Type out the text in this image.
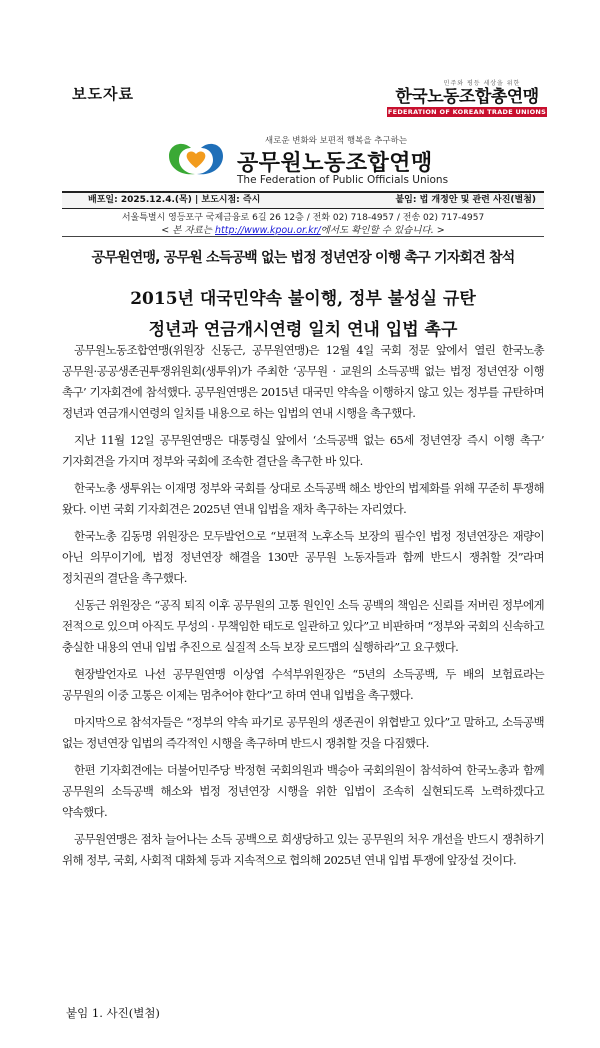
보도자료
민주와 평등 세상을 위한
한국노동조합총연맹
FEDERATION OF KOREAN TRADE UNIONS
새로운 변화와 보편적 행복을 추구하는
공무원노동조합연맹
The Federation of Public Officials Unions
배포일: 2025.12.4.(목) | 보도시점: 즉시	붙임: 법 개정안 및 관련 사진(별첨)
서울특별시 영등포구 국제금융로 6길 26 12층 / 전화 02) 718-4957 / 전송 02) 717-4957
< 본 자료는 http://www.kpou.or.kr/에서도 확인할 수 있습니다. >
공무원연맹, 공무원 소득공백 없는 법정 정년연장 이행 촉구 기자회견 참석
2015년 대국민약속 불이행, 정부 불성실 규탄
정년과 연금개시연령 일치 연내 입법 촉구

공무원노동조합연맹(위원장 신동근, 공무원연맹)은 12월 4일 국회 정문 앞에서 열린 한국노총 공무원·공공생존권투쟁위원회(생투위)가 주최한 ‘공무원 · 교원의 소득공백 없는 법정 정년연장 이행 촉구’ 기자회견에 참석했다. 공무원연맹은 2015년 대국민 약속을 이행하지 않고 있는 정부를 규탄하며 정년과 연금개시연령의 일치를 내용으로 하는 입법의 연내 시행을 촉구했다.

지난 11월 12일 공무원연맹은 대통령실 앞에서 ‘소득공백 없는 65세 정년연장 즉시 이행 촉구’ 기자회견을 가지며 정부와 국회에 조속한 결단을 촉구한 바 있다.

한국노총 생투위는 이재명 정부와 국회를 상대로 소득공백 해소 방안의 법제화를 위해 꾸준히 투쟁해 왔다. 이번 국회 기자회견은 2025년 연내 입법을 재차 촉구하는 자리였다.

한국노총 김동명 위원장은 모두발언으로 “보편적 노후소득 보장의 필수인 법정 정년연장은 재량이 아닌 의무이기에, 법정 정년연장 해결을 130만 공무원 노동자들과 함께 반드시 쟁취할 것”라며 정치권의 결단을 촉구했다.

신동근 위원장은 “공직 퇴직 이후 공무원의 고통 원인인 소득 공백의 책임은 신뢰를 저버린 정부에게 전적으로 있으며 아직도 무성의 · 무책임한 태도로 일관하고 있다”고 비판하며 “정부와 국회의 신속하고 충실한 내용의 연내 입법 추진으로 실질적 소득 보장 로드맵의 실행하라”고 요구했다.

현장발언자로 나선 공무원연맹 이상엽 수석부위원장은 “5년의 소득공백, 두 배의 보험료라는 공무원의 이중 고통은 이제는 멈추어야 한다”고 하며 연내 입법을 촉구했다.

마지막으로 참석자들은 “정부의 약속 파기로 공무원의 생존권이 위협받고 있다”고 말하고, 소득공백 없는 정년연장 입법의 즉각적인 시행을 촉구하며 반드시 쟁취할 것을 다짐했다.

한편 기자회견에는 더불어민주당 박정현 국회의원과 백승아 국회의원이 참석하여 한국노총과 함께 공무원의 소득공백 해소와 법정 정년연장 시행을 위한 입법이 조속히 실현되도록 노력하겠다고 약속했다.

공무원연맹은 점차 늘어나는 소득 공백으로 희생당하고 있는 공무원의 처우 개선을 반드시 쟁취하기 위해 정부, 국회, 사회적 대화체 등과 지속적으로 협의해 2025년 연내 입법 투쟁에 앞장설 것이다.

붙임 1. 사진(별첨)
